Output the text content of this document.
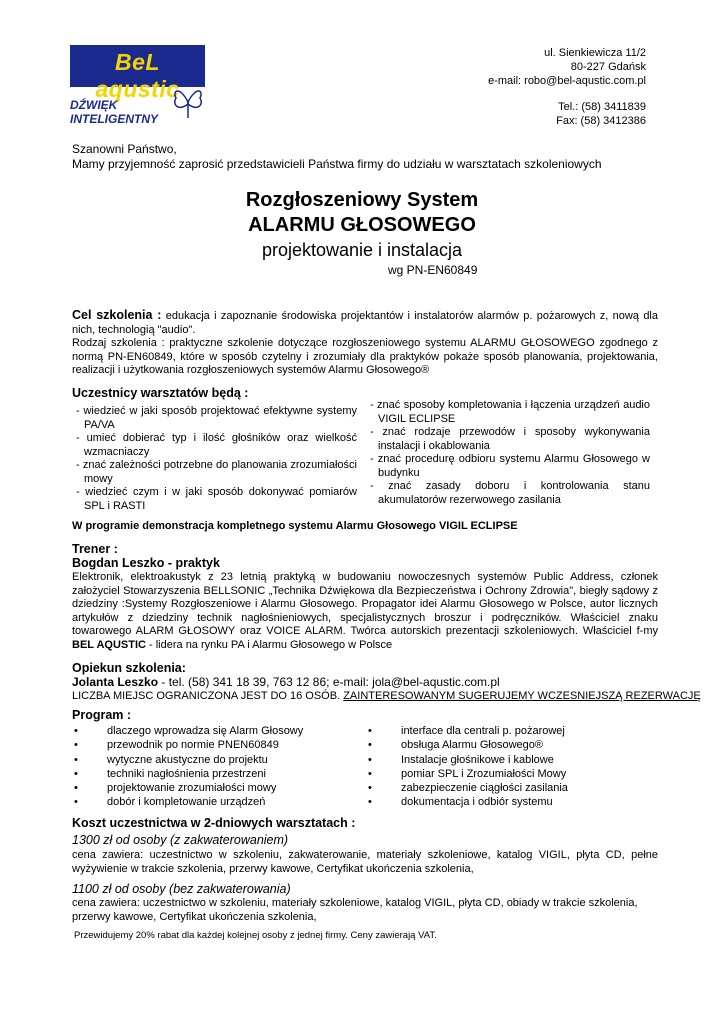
BeL aqustic
DŹWIĘK
INTELIGENTNY
ul. Sienkiewicza 11/2
80-227 Gdańsk
e-mail: robo@bel-aqustic.com.pl
Tel.: (58) 3411839
Fax: (58) 3412386
Szanowni Państwo,
Mamy przyjemność zaprosić przedstawicieli Państwa firmy do udziału w warsztatach szkoleniowych
Rozgłoszeniowy System
ALARMU GŁOSOWEGO
projektowanie i instalacja
wg PN-EN60849
Cel szkolenia : edukacja i zapoznanie środowiska projektantów i instalatorów alarmów p. pożarowych z, nową dla nich, technologią "audio".
Rodzaj szkolenia : praktyczne szkolenie dotyczące rozgłoszeniowego systemu ALARMU GŁOSOWEGO zgodnego z normą PN-EN60849, które w sposób czytelny i zrozumiały dla praktyków pokaże sposób planowania, projektowania, realizacji i użytkowania rozgłoszeniowych systemów Alarmu Głosowego®
Uczestnicy warsztatów będą :
- wiedzieć w jaki sposób projektować efektywne systemy PA/VA
- umieć dobierać typ i ilość głośników oraz wielkość wzmacniaczy
- znać zależności potrzebne do planowania zrozumiałości mowy
- wiedzieć czym i w jaki sposób dokonywać pomiarów SPL i RASTI
- znać sposoby kompletowania i łączenia urządzeń audio VIGIL ECLIPSE
- znać rodzaje przewodów i sposoby wykonywania instalacji i okablowania
- znać procedurę odbioru systemu Alarmu Głosowego w budynku
- znać zasady doboru i kontrolowania stanu akumulatorów rezerwowego zasilania
W programie demonstracja kompletnego systemu Alarmu Głosowego VIGIL ECLIPSE
Trener :
Bogdan Leszko - praktyk
Elektronik, elektroakustyk z 23 letnią praktyką w budowaniu nowoczesnych systemów Public Address, członek założyciel Stowarzyszenia BELLSONIC „Technika Dźwiękowa dla Bezpieczeństwa i Ochrony Zdrowia", biegły sądowy z dziedziny :Systemy Rozgłoszeniowe i Alarmu Głosowego. Propagator idei Alarmu Głosowego w Polsce, autor licznych artykułów z dziedziny technik nagłośnieniowych, specjalistycznych broszur i podręczników. Właściciel znaku towarowego ALARM GŁOSOWY oraz VOICE ALARM. Twórca autorskich prezentacji szkoleniowych. Właściciel f-my BEL AQUSTIC - lidera na rynku PA i Alarmu Głosowego w Polsce
Opiekun szkolenia:
Jolanta Leszko - tel. (58) 341 18 39, 763 12 86; e-mail: jola@bel-aqustic.com.pl
LICZBA MIEJSC OGRANICZONA JEST DO 16 OSÓB. ZAINTERESOWANYM SUGERUJEMY WCZESNIEJSZĄ REZERWACJĘ
Program :
• dlaczego wprowadza się Alarm Głosowy
• przewodnik po normie PNEN60849
• wytyczne akustyczne do projektu
• techniki nagłośnienia przestrzeni
• projektowanie zrozumiałości mowy
• dobór i kompletowanie urządzeń
• interface dla centrali p. pożarowej
• obsługa Alarmu Głosowego®
• Instalacje głośnikowe i kablowe
• pomiar SPL i Zrozumiałości Mowy
• zabezpieczenie ciągłości zasilania
• dokumentacja i odbiór systemu
Koszt uczestnictwa w 2-dniowych warsztatach :
1300 zł od osoby (z zakwaterowaniem)
cena zawiera: uczestnictwo w szkoleniu, zakwaterowanie, materiały szkoleniowe, katalog VIGIL, płyta CD, pełne wyżywienie w trakcie szkolenia, przerwy kawowe, Certyfikat ukończenia szkolenia,
1100 zł od osoby (bez zakwaterowania)
cena zawiera: uczestnictwo w szkoleniu, materiały szkoleniowe, katalog VIGIL, płyta CD, obiady w trakcie szkolenia, przerwy kawowe, Certyfikat ukończenia szkolenia,
Przewidujemy 20% rabat dla każdej kolejnej osoby z jednej firmy. Ceny zawierają VAT.
